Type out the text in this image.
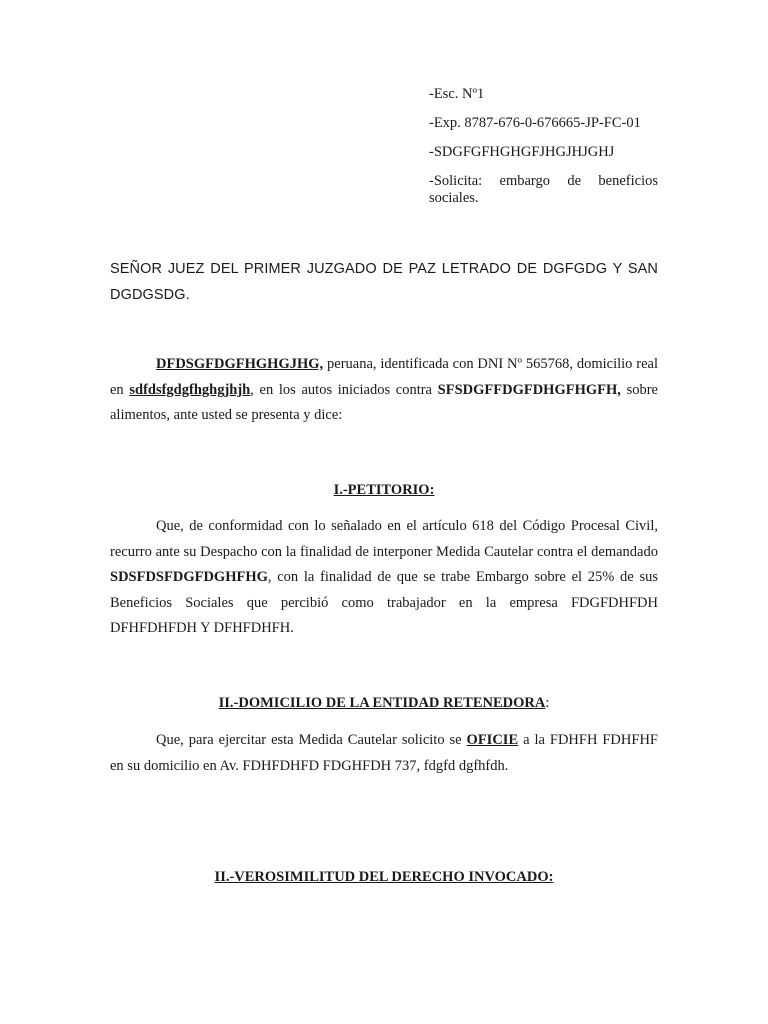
-Esc. Nº1

-Exp. 8787-676-0-676665-JP-FC-01

-SDGFGFHGHGFJHGJHJGHJ

-Solicita: embargo de beneficios sociales.

SEÑOR JUEZ DEL PRIMER JUZGADO DE PAZ LETRADO DE DGFGDG Y SAN DGDGSDG.
DFDSGFDGFHGHGJHG, peruana, identificada con DNI Nº 565768, domicilio real en sdfdsfgdgfhghgjhjh, en los autos iniciados contra SFSDGFFDGFDHGFHGFH, sobre alimentos, ante usted se presenta y dice:
I.-PETITORIO:
Que, de conformidad con lo señalado en el artículo 618 del Código Procesal Civil, recurro ante su Despacho con la finalidad de interponer Medida Cautelar contra el demandado SDSFDSFDGFDGHFHG, con la finalidad de que se trabe Embargo sobre el 25% de sus Beneficios Sociales que percibió como trabajador en la empresa FDGFDHFDH DFHFDHFDH Y DFHFDHFH.
II.-DOMICILIO DE LA ENTIDAD RETENEDORA:
Que, para ejercitar esta Medida Cautelar solicito se OFICIE a la FDHFH FDHFHF en su domicilio en Av. FDHFDHFD FDGHFDH 737, fdgfd dgfhfdh.
II.-VEROSIMILITUD DEL DERECHO INVOCADO:
